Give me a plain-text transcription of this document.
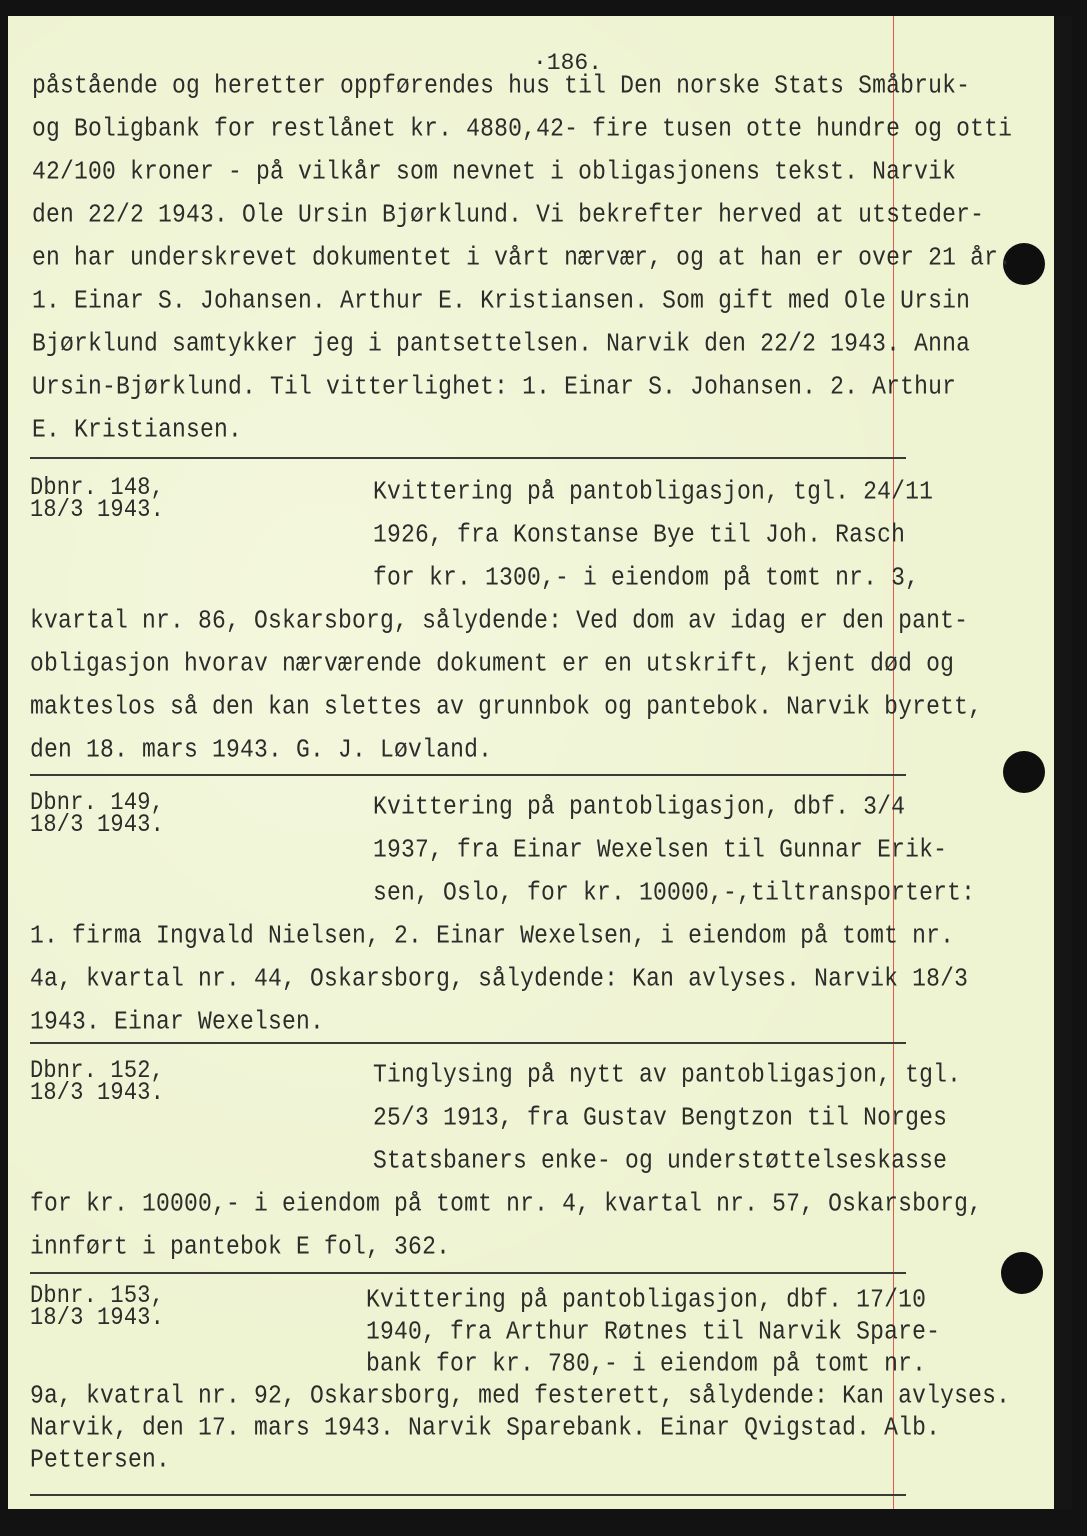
·186.
påstående og heretter oppførendes hus til Den norske Stats Småbruk-
og Boligbank for restlånet kr. 4880,42- fire tusen otte hundre og otti
42/100 kroner - på vilkår som nevnet i obligasjonens tekst. Narvik
den 22/2 1943. Ole Ursin Bjørklund. Vi bekrefter herved at utsteder-
en har underskrevet dokumentet i vårt nærvær, og at han er over 21 år.
1. Einar S. Johansen. Arthur E. Kristiansen. Som gift med Ole Ursin
Bjørklund samtykker jeg i pantsettelsen. Narvik den 22/2 1943. Anna
Ursin-Bjørklund. Til vitterlighet: 1. Einar S. Johansen. 2. Arthur
E. Kristiansen.
Dbnr. 148,
18/3 1943.
Kvittering på pantobligasjon, tgl. 24/11
1926, fra Konstanse Bye til Joh. Rasch
for kr. 1300,- i eiendom på tomt nr. 3,
kvartal nr. 86, Oskarsborg, sålydende: Ved dom av idag er den pant-
obligasjon hvorav nærværende dokument er en utskrift, kjent død og
makteslos så den kan slettes av grunnbok og pantebok. Narvik byrett,
den 18. mars 1943. G. J. Løvland.
Dbnr. 149,
18/3 1943.
Kvittering på pantobligasjon, dbf. 3/4
1937, fra Einar Wexelsen til Gunnar Erik-
sen, Oslo, for kr. 10000,-,tiltransportert:
1. firma Ingvald Nielsen, 2. Einar Wexelsen, i eiendom på tomt nr.
4a, kvartal nr. 44, Oskarsborg, sålydende: Kan avlyses. Narvik 18/3
1943. Einar Wexelsen.
Dbnr. 152,
18/3 1943.
Tinglysing på nytt av pantobligasjon, tgl.
25/3 1913, fra Gustav Bengtzon til Norges
Statsbaners enke- og understøttelseskasse
for kr. 10000,- i eiendom på tomt nr. 4, kvartal nr. 57, Oskarsborg,
innført i pantebok E fol, 362.
Dbnr. 153,
18/3 1943.
Kvittering på pantobligasjon, dbf. 17/10
1940, fra Arthur Røtnes til Narvik Spare-
bank for kr. 780,- i eiendom på tomt nr.
9a, kvatral nr. 92, Oskarsborg, med festerett, sålydende: Kan avlyses.
Narvik, den 17. mars 1943. Narvik Sparebank. Einar Qvigstad. Alb.
Pettersen.
